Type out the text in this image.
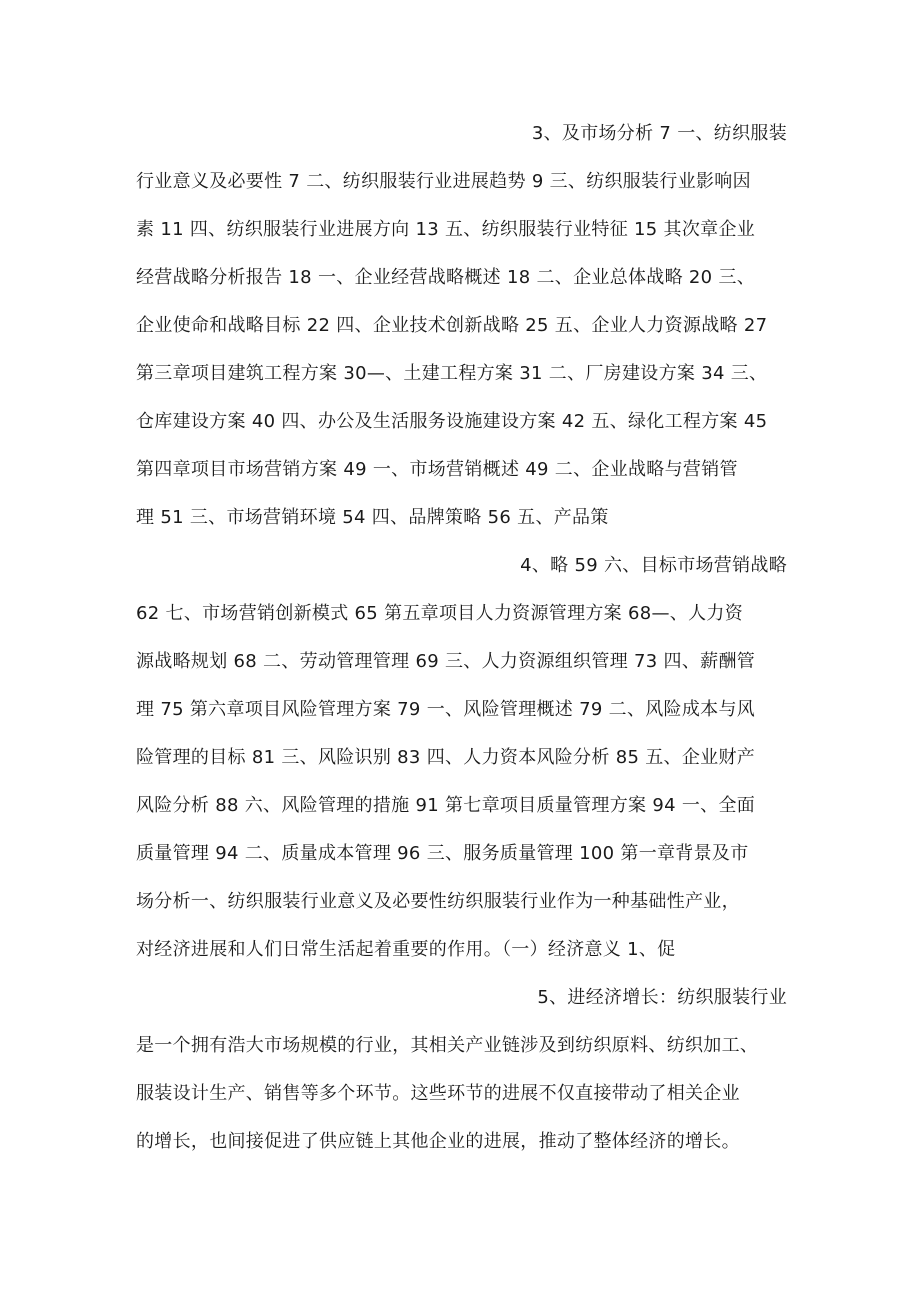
3、及市场分析 7 一、纺织服装
行业意义及必要性 7 二、纺织服装行业进展趋势 9 三、纺织服装行业影响因
素 11 四、纺织服装行业进展方向 13 五、纺织服装行业特征 15 其次章企业
经营战略分析报告 18 一、企业经营战略概述 18 二、企业总体战略 20 三、
企业使命和战略目标 22 四、企业技术创新战略 25 五、企业人力资源战略 27
第三章项目建筑工程方案 30—、土建工程方案 31 二、厂房建设方案 34 三、
仓库建设方案 40 四、办公及生活服务设施建设方案 42 五、绿化工程方案 45
第四章项目市场营销方案 49 一、市场营销概述 49 二、企业战略与营销管
理 51 三、市场营销环境 54 四、品牌策略 56 五、产品策
4、略 59 六、目标市场营销战略
62 七、市场营销创新模式 65 第五章项目人力资源管理方案 68—、人力资
源战略规划 68 二、劳动管理管理 69 三、人力资源组织管理 73 四、薪酬管
理 75 第六章项目风险管理方案 79 一、风险管理概述 79 二、风险成本与风
险管理的目标 81 三、风险识别 83 四、人力资本风险分析 85 五、企业财产
风险分析 88 六、风险管理的措施 91 第七章项目质量管理方案 94 一、全面
质量管理 94 二、质量成本管理 96 三、服务质量管理 100 第一章背景及市
场分析一、纺织服装行业意义及必要性纺织服装行业作为一种基础性产业，
对经济进展和人们日常生活起着重要的作用。（一）经济意义 1、促
5、进经济增长：纺织服装行业
是一个拥有浩大市场规模的行业，其相关产业链涉及到纺织原料、纺织加工、
服装设计生产、销售等多个环节。这些环节的进展不仅直接带动了相关企业
的增长，也间接促进了供应链上其他企业的进展，推动了整体经济的增长。
